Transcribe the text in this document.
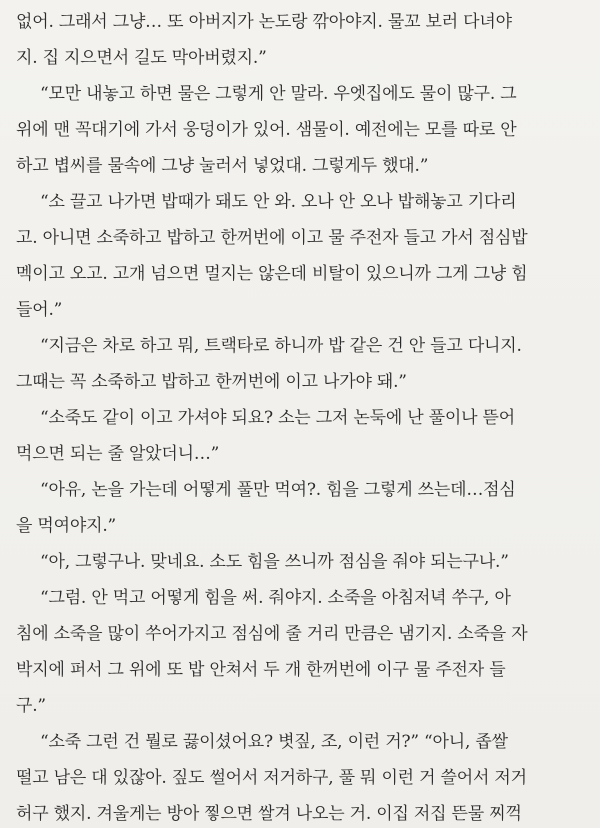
없어. 그래서 그냥… 또 아버지가 논도랑 깎아야지. 물꼬 보러 다녀야
지. 집 지으면서 길도 막아버렸지.”
“모만 내놓고 하면 물은 그렇게 안 말라. 우엣집에도 물이 많구. 그
위에 맨 꼭대기에 가서 웅덩이가 있어. 샘물이. 예전에는 모를 따로 안
하고 볍씨를 물속에 그냥 눌러서 넣었대. 그렇게두 했대.”
“소 끌고 나가면 밥때가 돼도 안 와. 오나 안 오나 밥해놓고 기다리
고. 아니면 소죽하고 밥하고 한꺼번에 이고 물 주전자 들고 가서 점심밥
멕이고 오고. 고개 넘으면 멀지는 않은데 비탈이 있으니까 그게 그냥 힘
들어.”
“지금은 차로 하고 뭐, 트랙타로 하니까 밥 같은 건 안 들고 다니지.
그때는 꼭 소죽하고 밥하고 한꺼번에 이고 나가야 돼.”
“소죽도 같이 이고 가셔야 되요? 소는 그저 논둑에 난 풀이나 뜯어
먹으면 되는 줄 알았더니…”
“아유, 논을 가는데 어떻게 풀만 먹여?. 힘을 그렇게 쓰는데…점심
을 먹여야지.”
“아, 그렇구나. 맞네요. 소도 힘을 쓰니까 점심을 줘야 되는구나.”
“그럼. 안 먹고 어떻게 힘을 써. 줘야지. 소죽을 아침저녁 쑤구, 아
침에 소죽을 많이 쑤어가지고 점심에 줄 거리 만큼은 냄기지. 소죽을 자
박지에 퍼서 그 위에 또 밥 안쳐서 두 개 한꺼번에 이구 물 주전자 들
구.”
“소죽 그런 건 뭘로 끓이셨어요? 볏짚, 조, 이런 거?” “아니, 좁쌀
떨고 남은 대 있잖아. 짚도 썰어서 저거하구, 풀 뭐 이런 거 쓸어서 저거
허구 했지. 겨울게는 방아 찧으면 쌀겨 나오는 거. 이집 저집 뜬물 찌꺽
